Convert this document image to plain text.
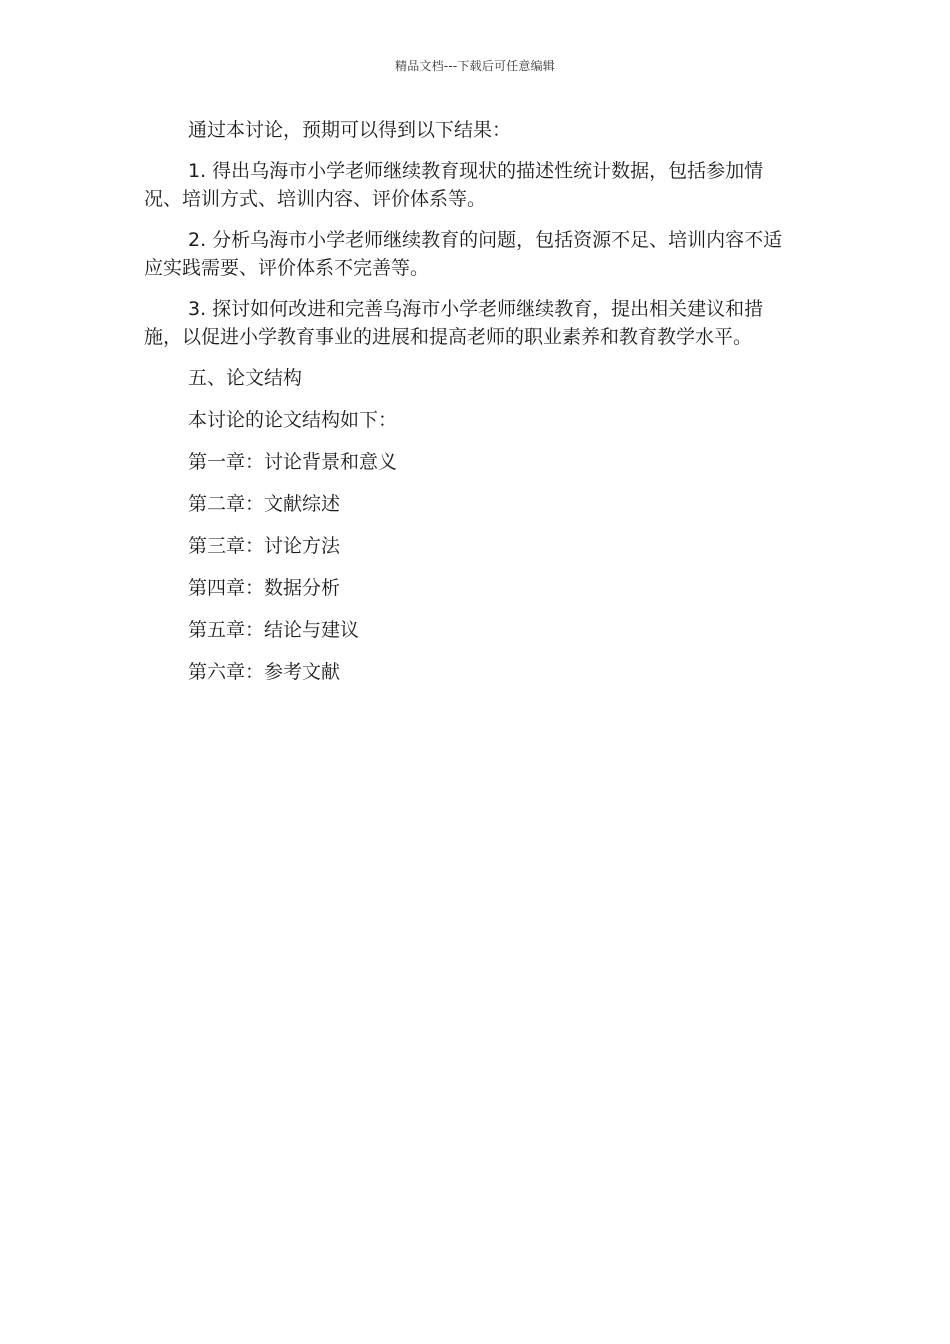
精品文档---下载后可任意编辑

通过本讨论，预期可以得到以下结果：

1. 得出乌海市小学老师继续教育现状的描述性统计数据，包括参加情况、培训方式、培训内容、评价体系等。

2. 分析乌海市小学老师继续教育的问题，包括资源不足、培训内容不适应实践需要、评价体系不完善等。

3. 探讨如何改进和完善乌海市小学老师继续教育，提出相关建议和措施，以促进小学教育事业的进展和提高老师的职业素养和教育教学水平。

五、论文结构

本讨论的论文结构如下：

第一章：讨论背景和意义

第二章：文献综述

第三章：讨论方法

第四章：数据分析

第五章：结论与建议

第六章：参考文献
